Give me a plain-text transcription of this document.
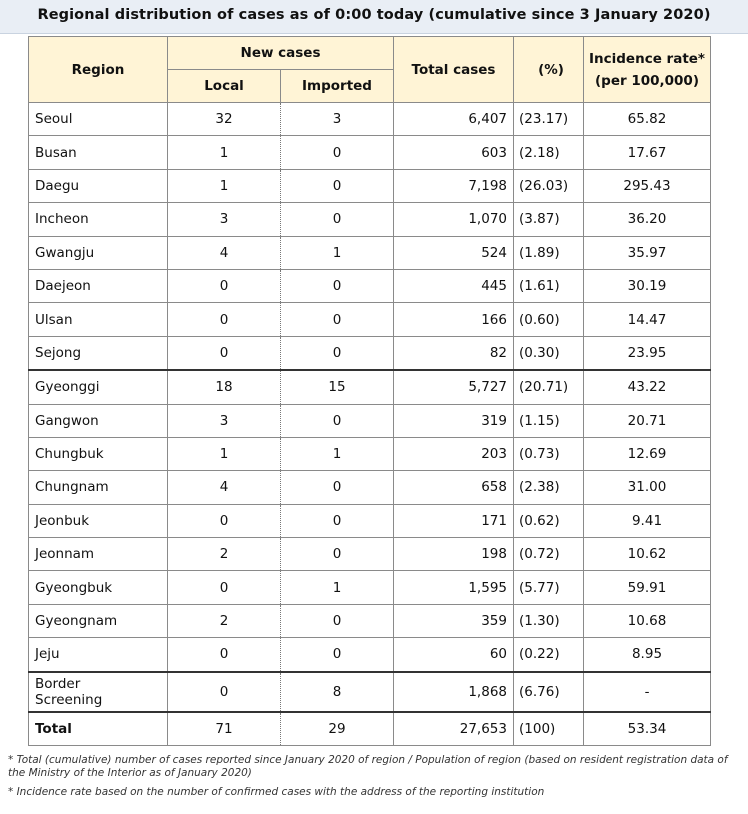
Regional distribution of cases as of 0:00 today (cumulative since 3 January 2020)
Region	New cases		Total cases	(%)	Incidence rate*
(per 100,000)

	Local	Imported			
Seoul	32	3	6,407	(23.17)	65.82
Busan	1	0	603	(2.18)	17.67
Daegu	1	0	7,198	(26.03)	295.43
Incheon	3	0	1,070	(3.87)	36.20
Gwangju	4	1	524	(1.89)	35.97
Daejeon	0	0	445	(1.61)	30.19
Ulsan	0	0	166	(0.60)	14.47
Sejong	0	0	82	(0.30)	23.95
Gyeonggi	18	15	5,727	(20.71)	43.22
Gangwon	3	0	319	(1.15)	20.71
Chungbuk	1	1	203	(0.73)	12.69
Chungnam	4	0	658	(2.38)	31.00
Jeonbuk	0	0	171	(0.62)	9.41
Jeonnam	2	0	198	(0.72)	10.62
Gyeongbuk	0	1	1,595	(5.77)	59.91
Gyeongnam	2	0	359	(1.30)	10.68
Jeju	0	0	60	(0.22)	8.95

Border
Screening	0	8	1,868	(6.76)	-
Total	71	29	27,653	(100)	53.34
* Total (cumulative) number of cases reported since January 2020 of region / Population of region (based on resident registration data of the Ministry of the Interior as of January 2020)
* Incidence rate based on the number of confirmed cases with the address of the reporting institution
